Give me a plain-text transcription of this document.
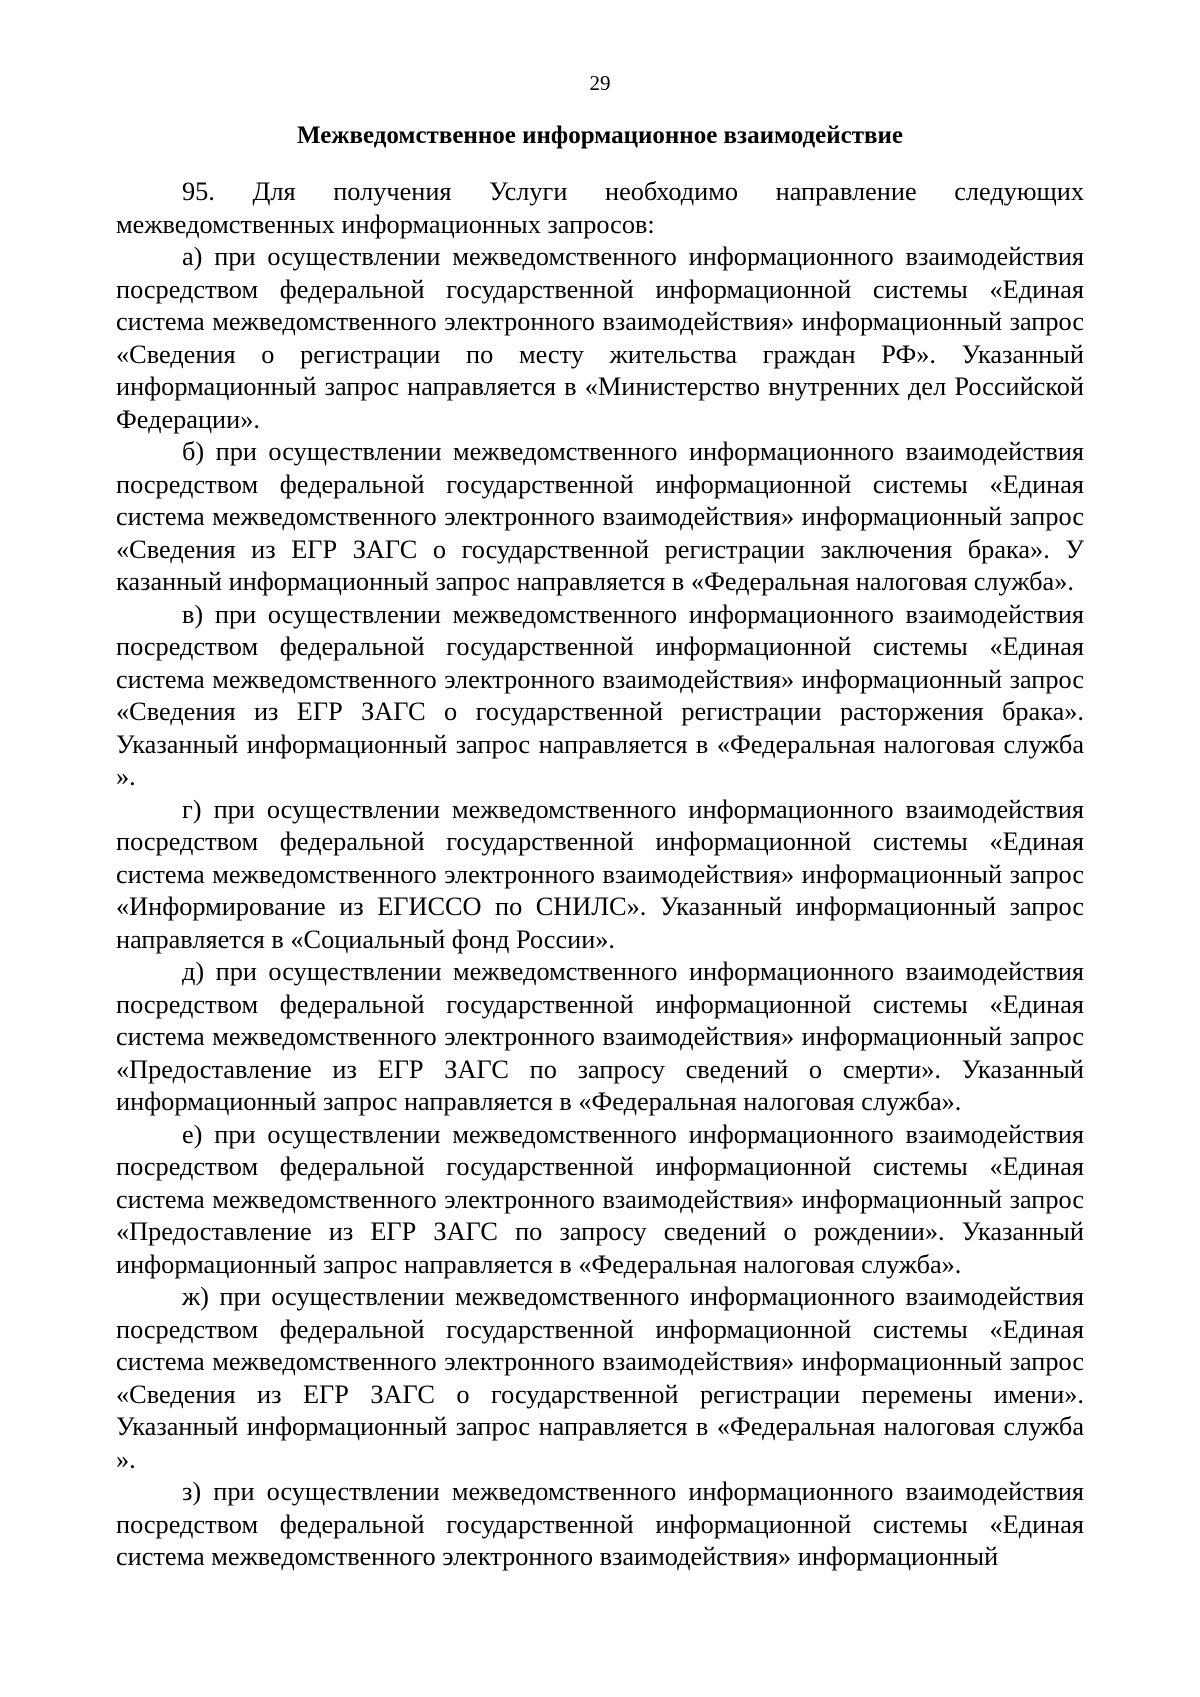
29
Межведомственное информационное взаимодействие

95. Для получения Услуги необходимо направление следующих межведомственных информационных запросов:

а) при осуществлении межведомственного информационного взаимодействия посредством федеральной государственной информационной системы «Единая система межведомственного электронного взаимодействия» информационный запрос «Сведения о регистрации по месту жительства граждан РФ». Указанный информационный запрос направляется в «Министерство внутренних дел Российской Федерации».

б) при осуществлении межведомственного информационного взаимодействия посредством федеральной государственной информационной системы «Единая система межведомственного электронного взаимодействия» информационный запрос «Сведения из ЕГР ЗАГС о государственной регистрации заключения брака». У казанный информационный запрос направляется в «Федеральная налоговая служба».

в) при осуществлении межведомственного информационного взаимодействия посредством федеральной государственной информационной системы «Единая система межведомственного электронного взаимодействия» информационный запрос «Сведения из ЕГР ЗАГС о государственной регистрации расторжения брака». Указанный информационный запрос направляется в «Федеральная налоговая служба ».

г) при осуществлении межведомственного информационного взаимодействия посредством федеральной государственной информационной системы «Единая система межведомственного электронного взаимодействия» информационный запрос «Информирование из ЕГИССО по СНИЛС». Указанный информационный запрос направляется в «Социальный фонд России».

д) при осуществлении межведомственного информационного взаимодействия посредством федеральной государственной информационной системы «Единая система межведомственного электронного взаимодействия» информационный запрос «Предоставление из ЕГР ЗАГС по запросу сведений о смерти». Указанный информационный запрос направляется в «Федеральная налоговая служба».

е) при осуществлении межведомственного информационного взаимодействия посредством федеральной государственной информационной системы «Единая система межведомственного электронного взаимодействия» информационный запрос «Предоставление из ЕГР ЗАГС по запросу сведений о рождении». Указанный информационный запрос направляется в «Федеральная налоговая служба».

ж) при осуществлении межведомственного информационного взаимодействия посредством федеральной государственной информационной системы «Единая система межведомственного электронного взаимодействия» информационный запрос «Сведения из ЕГР ЗАГС о государственной регистрации перемены имени». Указанный информационный запрос направляется в «Федеральная налоговая служба ».

з) при осуществлении межведомственного информационного взаимодействия посредством федеральной государственной информационной системы «Единая система межведомственного электронного взаимодействия» информационный
